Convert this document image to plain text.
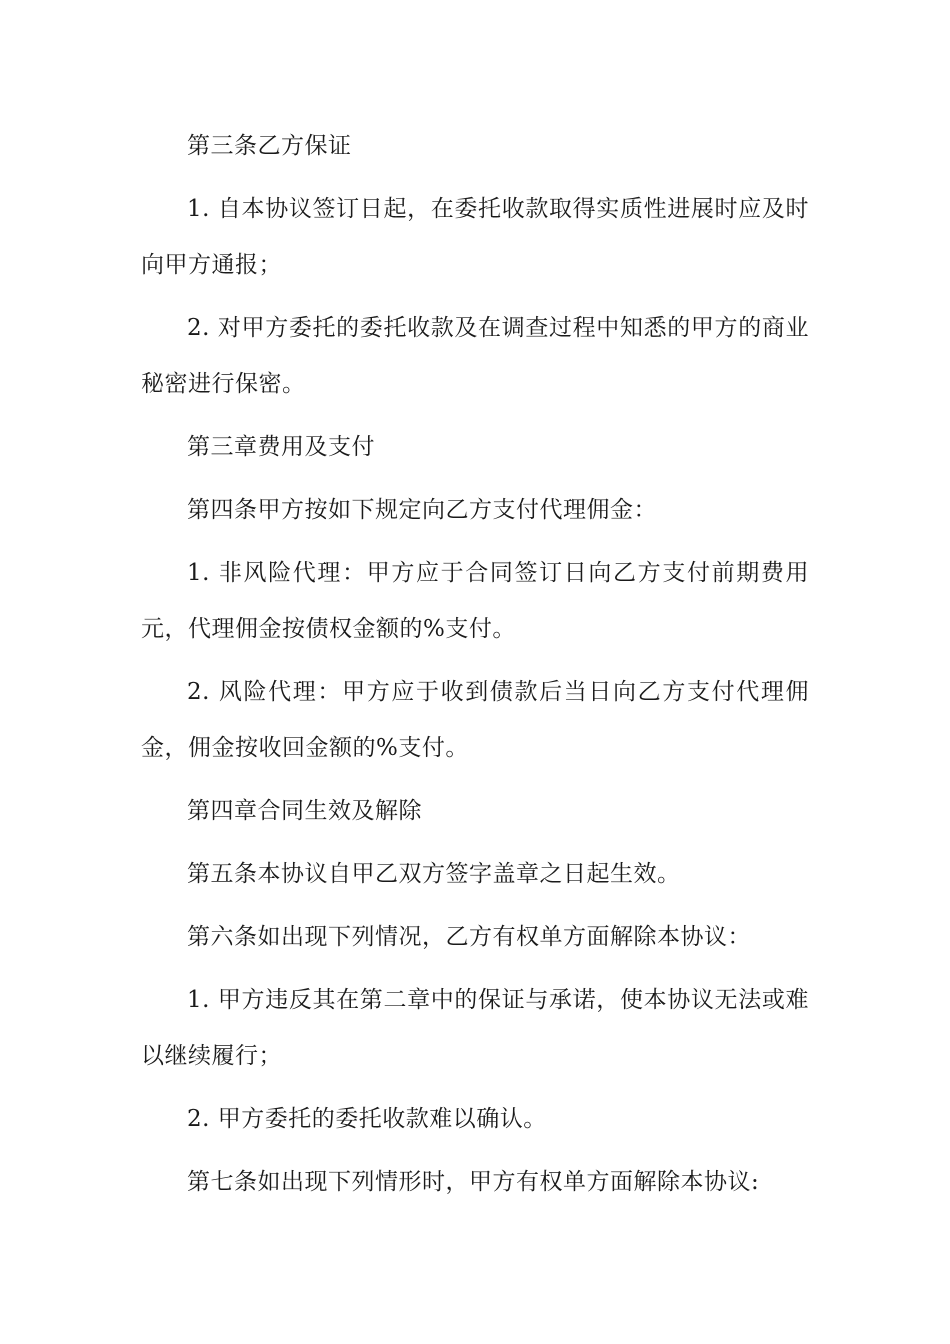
第三条乙方保证

1. 自本协议签订日起，在委托收款取得实质性进展时应及时向甲方通报；

2. 对甲方委托的委托收款及在调查过程中知悉的甲方的商业秘密进行保密。

第三章费用及支付

第四条甲方按如下规定向乙方支付代理佣金：

1. 非风险代理：甲方应于合同签订日向乙方支付前期费用元，代理佣金按债权金额的%支付。

2. 风险代理：甲方应于收到债款后当日向乙方支付代理佣金，佣金按收回金额的%支付。

第四章合同生效及解除

第五条本协议自甲乙双方签字盖章之日起生效。

第六条如出现下列情况，乙方有权单方面解除本协议：

1. 甲方违反其在第二章中的保证与承诺，使本协议无法或难以继续履行；

2. 甲方委托的委托收款难以确认。

第七条如出现下列情形时，甲方有权单方面解除本协议:
